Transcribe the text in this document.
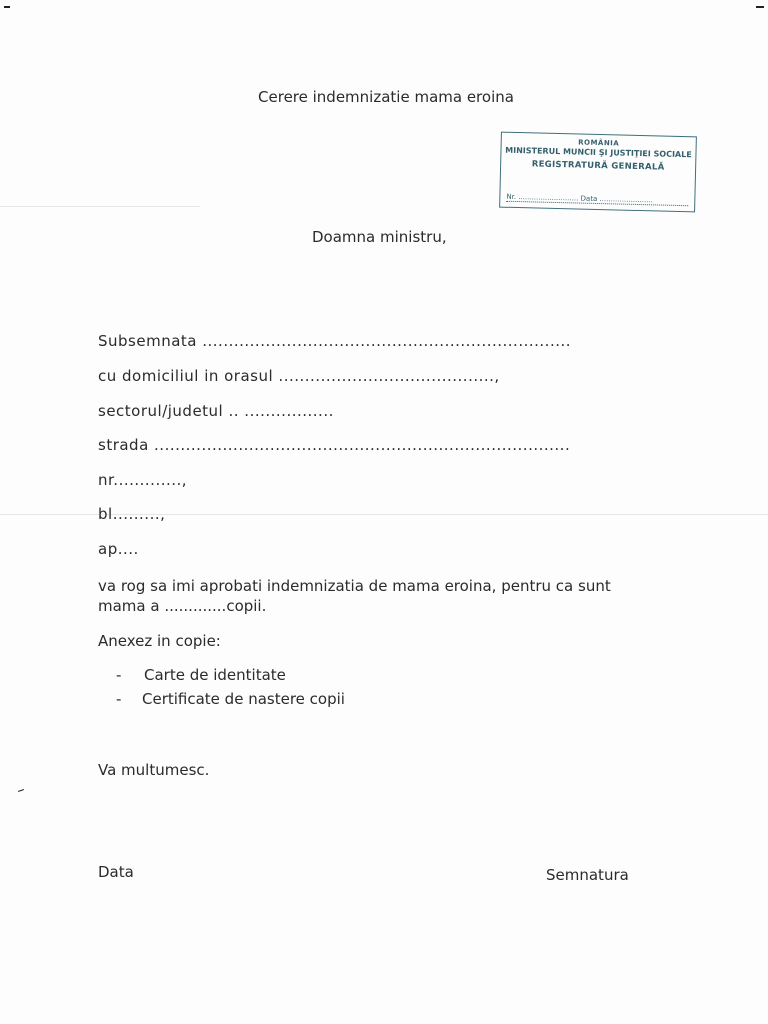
Cerere indemnizatie mama eroina
ROMÂNIA
MINISTERUL MUNCII ŞI JUSTIŢIEI SOCIALE
REGISTRATURĂ GENERALĂ
Nr. ........................... Data ........................
Doamna ministru,
Subsemnata ......................................................................
cu domiciliul in orasul .........................................,
sectorul/judetul .. .................
strada ...............................................................................
nr.............,
bl.........,
ap....
va rog sa imi aprobati indemnizatia de mama eroina, pentru ca sunt mama a .............copii.
Anexez in copie:
- Carte de identitate
- Certificate de nastere copii
Va multumesc.
Data	Semnatura
